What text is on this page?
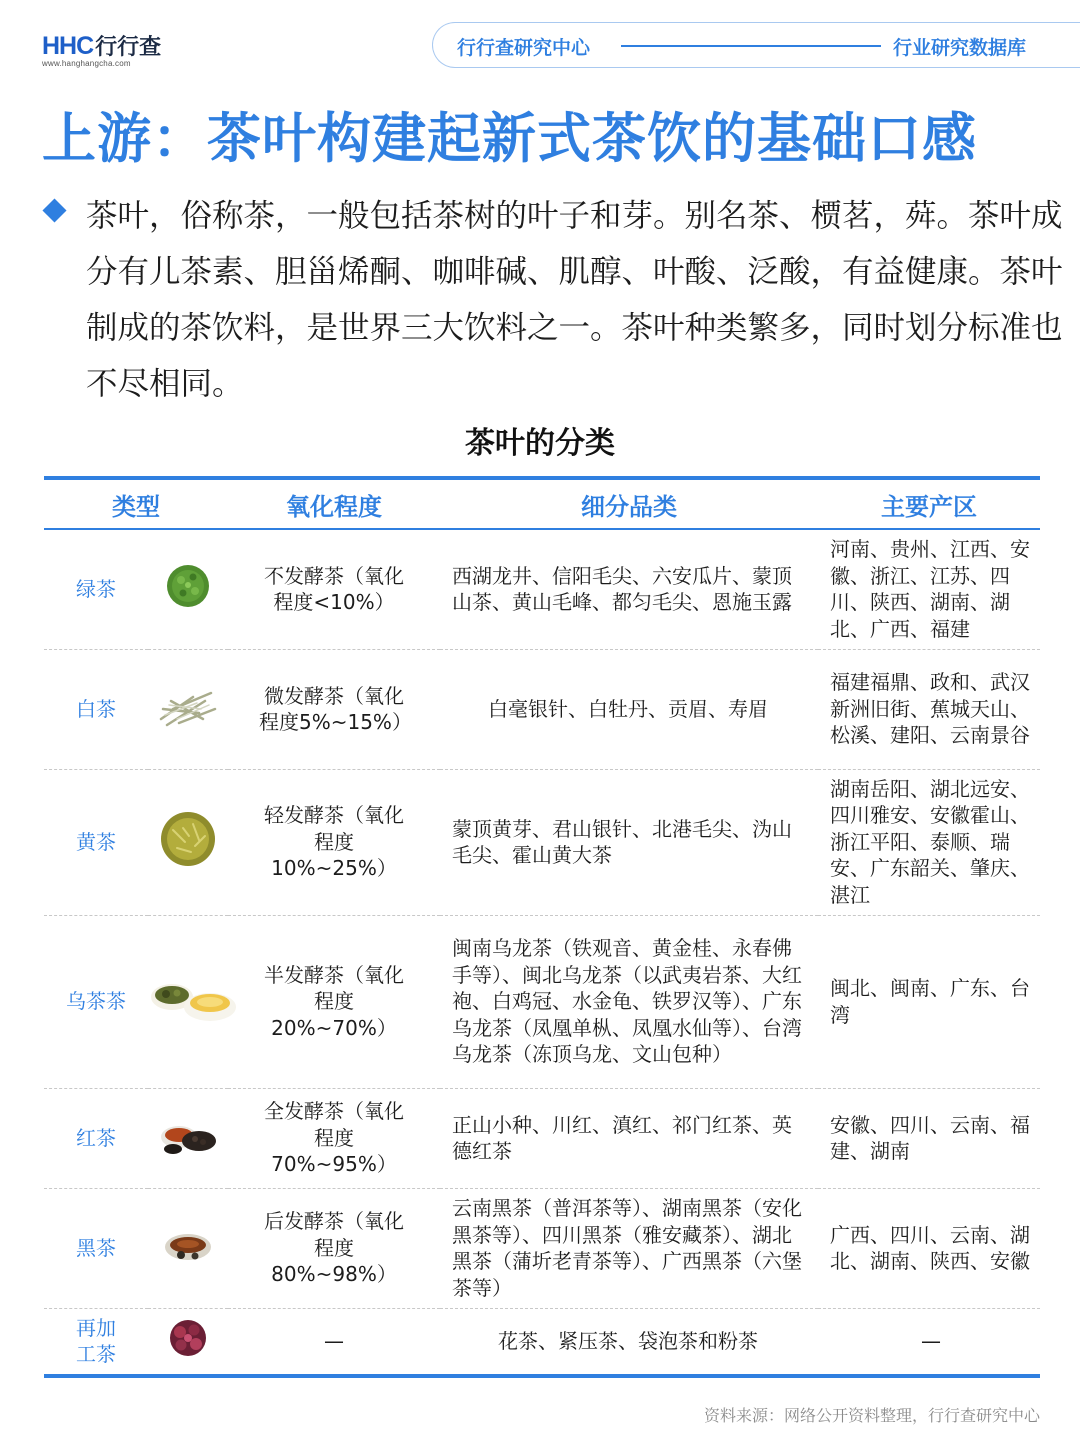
HHC行行查
www.hanghangcha.com
行行查研究中心	行业研究数据库
上游：茶叶构建起新式茶饮的基础口感
茶叶，俗称茶，一般包括茶树的叶子和芽。别名茶、槚茗，荈。茶叶成分有儿茶素、胆甾烯酮、咖啡碱、肌醇、叶酸、泛酸，有益健康。茶叶制成的茶饮料，是世界三大饮料之一。茶叶种类繁多，同时划分标准也不尽相同。
茶叶的分类
类型		氧化程度	细分品类	主要产区
绿茶		不发酵茶（氧化程度<10%）	西湖龙井、信阳毛尖、六安瓜片、蒙顶山茶、黄山毛峰、都匀毛尖、恩施玉露	河南、贵州、江西、安徽、浙江、江苏、四川、陕西、湖南、湖北、广西、福建
白茶		微发酵茶（氧化程度5%~15%）	白毫银针、白牡丹、贡眉、寿眉	福建福鼎、政和、武汉新洲旧街、蕉城天山、松溪、建阳、云南景谷
黄茶		轻发酵茶（氧化程度10%~25%）	蒙顶黄芽、君山银针、北港毛尖、沩山毛尖、霍山黄大茶	湖南岳阳、湖北远安、四川雅安、安徽霍山、浙江平阳、泰顺、瑞安、广东韶关、肇庆、湛江
乌茶茶		半发酵茶（氧化程度20%~70%）	闽南乌龙茶（铁观音、黄金桂、永春佛手等）、闽北乌龙茶（以武夷岩茶、大红袍、白鸡冠、水金龟、铁罗汉等）、广东乌龙茶（凤凰单枞、凤凰水仙等）、台湾乌龙茶（冻顶乌龙、文山包种）	闽北、闽南、广东、台湾
红茶		全发酵茶（氧化程度70%~95%）	正山小种、川红、滇红、祁门红茶、英德红茶	安徽、四川、云南、福建、湖南
黑茶		后发酵茶（氧化程度80%~98%）	云南黑茶（普洱茶等）、湖南黑茶（安化黑茶等）、四川黑茶（雅安藏茶）、湖北黑茶（蒲圻老青茶等）、广西黑茶（六堡茶等）	广西、四川、云南、湖北、湖南、陕西、安徽
再加工茶		—	花茶、紧压茶、袋泡茶和粉茶	—
资料来源：网络公开资料整理，行行查研究中心
